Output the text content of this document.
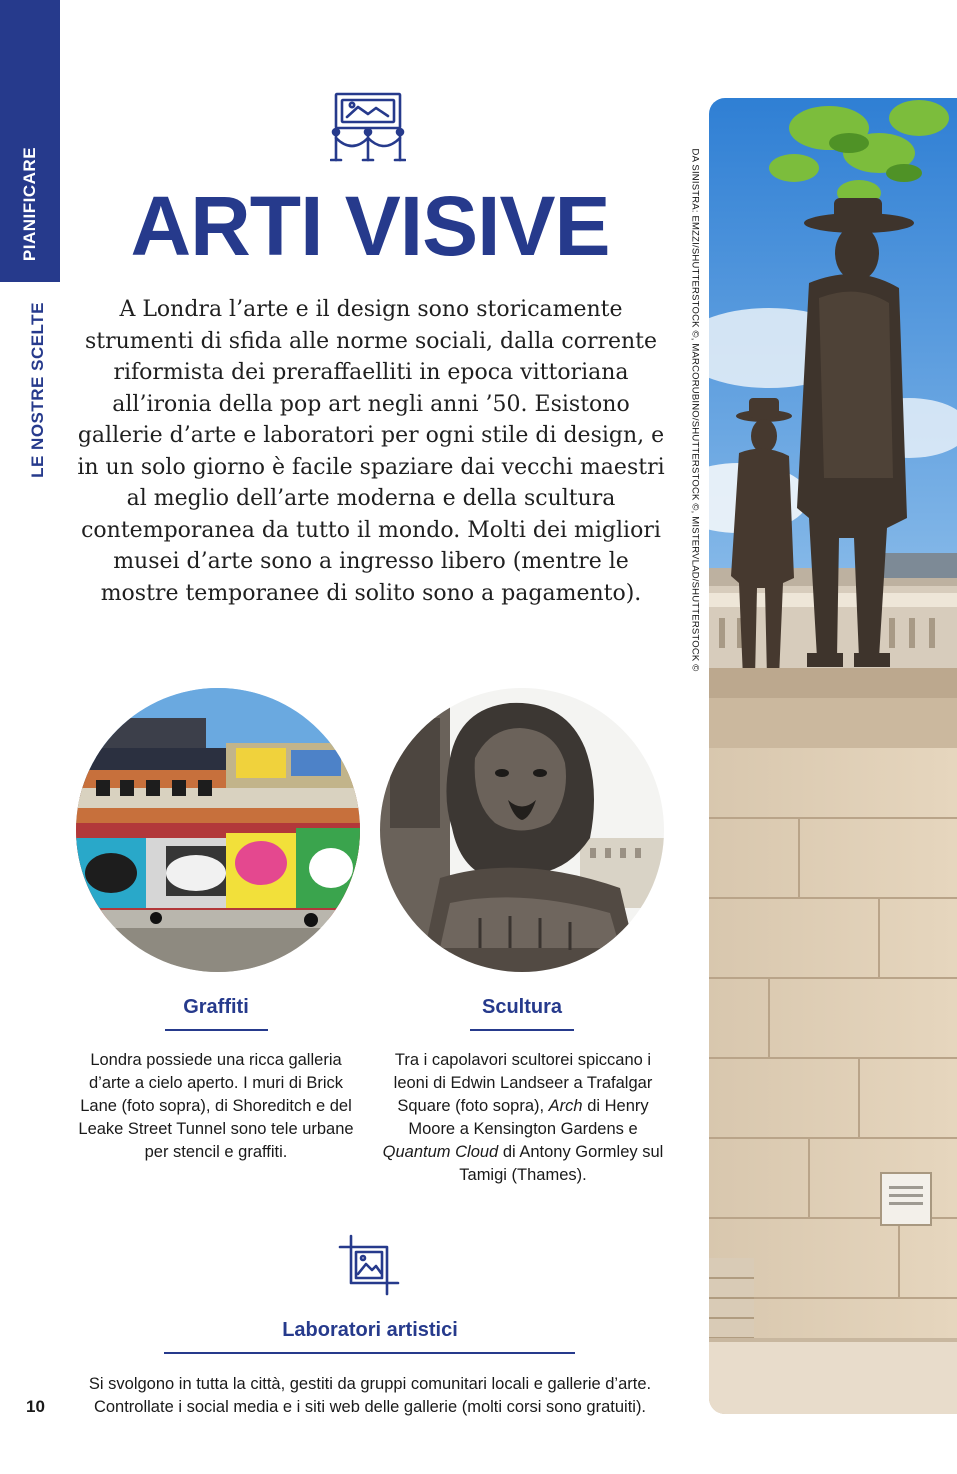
PIANIFICARE
LE NOSTRE SCELTE
ARTI VISIVE

A Londra l’arte e il design sono storicamente strumenti di sfida alle norme sociali, dalla corrente riformista dei preraffaelliti in epoca vittoriana all’ironia della pop art negli anni ’50. Esistono gallerie d’arte e laboratori per ogni stile di design, e in un solo giorno è facile spaziare dai vecchi maestri al meglio dell’arte moderna e della scultura contemporanea da tutto il mondo. Molti dei migliori musei d’arte sono a ingresso libero (mentre le mostre temporanee di solito sono a pagamento).

Graffiti

Londra possiede una ricca galleria d’arte a cielo aperto. I muri di Brick Lane (foto sopra), di Shoreditch e del Leake Street Tunnel sono tele urbane per stencil e graffiti.

Scultura

Tra i capolavori scultorei spiccano i leoni di Edwin Landseer a Trafalgar Square (foto sopra), Arch di Henry Moore a Kensington Gardens e Quantum Cloud di Antony Gormley sul Tamigi (Thames).

Laboratori artistici

Si svolgono in tutta la città, gestiti da gruppi comunitari locali e gallerie d’arte. Controllate i social media e i siti web delle gallerie (molti corsi sono gratuiti).

DA SINISTRA: EMZZI/SHUTTERSTOCK ©, MARCORUBINO/SHUTTERSTOCK ©, MISTERVLAD/SHUTTERSTOCK ©
10
